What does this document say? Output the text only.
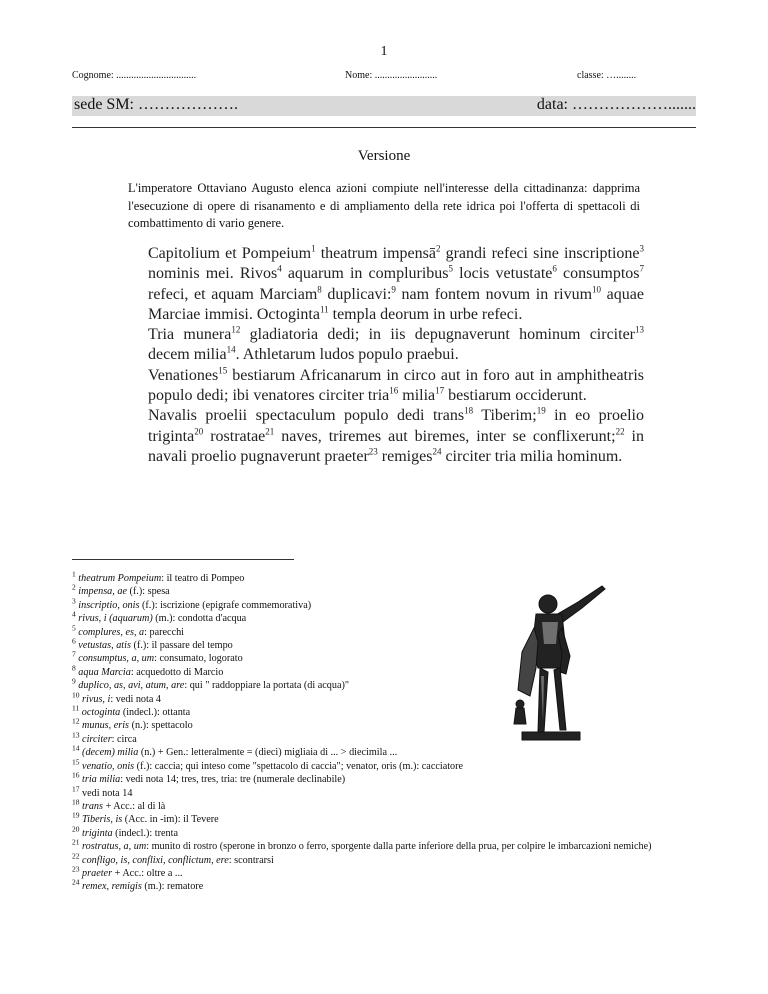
1
Cognome: ................................	Nome: .........................	classe: …........
sede SM: ……………….	data: ……………….......
Versione
L'imperatore Ottaviano Augusto elenca azioni compiute nell'interesse della cittadinanza: dapprima l'esecuzione di opere di risanamento e di ampliamento della rete idrica poi l'offerta di spettacoli di combattimento di vario genere.

Capitolium et Pompeium$^1$ theatrum impensā$^2$ grandi refeci sine inscriptione$^3$ nominis mei. Rivos$^4$ aquarum in compluribus$^5$ locis vetustate$^6$ consumptos$^7$ refeci, et aquam Marciam$^8$ duplicavi:$^9$ nam fontem novum in rivum$^{10}$ aquae Marciae immisi. Octoginta$^{11}$ templa deorum in urbe refeci.

Tria munera$^{12}$ gladiatoria dedi; in iis depugnaverunt hominum circiter$^{13}$ decem milia$^{14}$. Athletarum ludos populo praebui.

Venationes$^{15}$ bestiarum Africanarum in circo aut in foro aut in amphitheatris populo dedi; ibi venatores circiter tria$^{16}$ milia$^{17}$ bestiarum occiderunt.

Navalis proelii spectaculum populo dedi trans$^{18}$ Tiberim;$^{19}$ in eo proelio triginta$^{20}$ rostratae$^{21}$ naves, triremes aut biremes, inter se conflixerunt;$^{22}$ in navali proelio pugnaverunt praeter$^{23}$ remiges$^{24}$ circiter tria milia hominum.

$^1$ theatrum Pompeium: il teatro di Pompeo
$^2$ impensa, ae (f.): spesa
$^3$ inscriptio, onis (f.): iscrizione (epigrafe commemorativa)
$^4$ rivus, i (aquarum) (m.): condotta d'acqua
$^5$ complures, es, a: parecchi
$^6$ vetustas, atis (f.): il passare del tempo
$^7$ consumptus, a, um: consumato, logorato
$^8$ aqua Marcia: acquedotto di Marcio
$^9$ duplico, as, avi, atum, are: qui " raddoppiare la portata (di acqua)"
$^{10}$ rivus, i: vedi nota 4
$^{11}$ octoginta (indecl.): ottanta
$^{12}$ munus, eris (n.): spettacolo
$^{13}$ circiter: circa
$^{14}$ (decem) milia (n.) + Gen.: letteralmente = (dieci) migliaia di ... > diecimila ...
$^{15}$ venatio, onis (f.): caccia; qui inteso come "spettacolo di caccia"; venator, oris (m.): cacciatore
$^{16}$ tria milia: vedi nota 14; tres, tres, tria: tre (numerale declinabile)
$^{17}$ vedi nota 14
$^{18}$ trans + Acc.: al di là
$^{19}$ Tiberis, is (Acc. in -im): il Tevere
$^{20}$ triginta (indecl.): trenta
$^{21}$ rostratus, a, um: munito di rostro (sperone in bronzo o ferro, sporgente dalla parte inferiore della prua, per colpire le imbarcazioni nemiche)
$^{22}$ confligo, is, conflixi, conflictum, ere: scontrarsi
$^{23}$ praeter + Acc.: oltre a ...
$^{24}$ remex, remigis (m.): rematore
